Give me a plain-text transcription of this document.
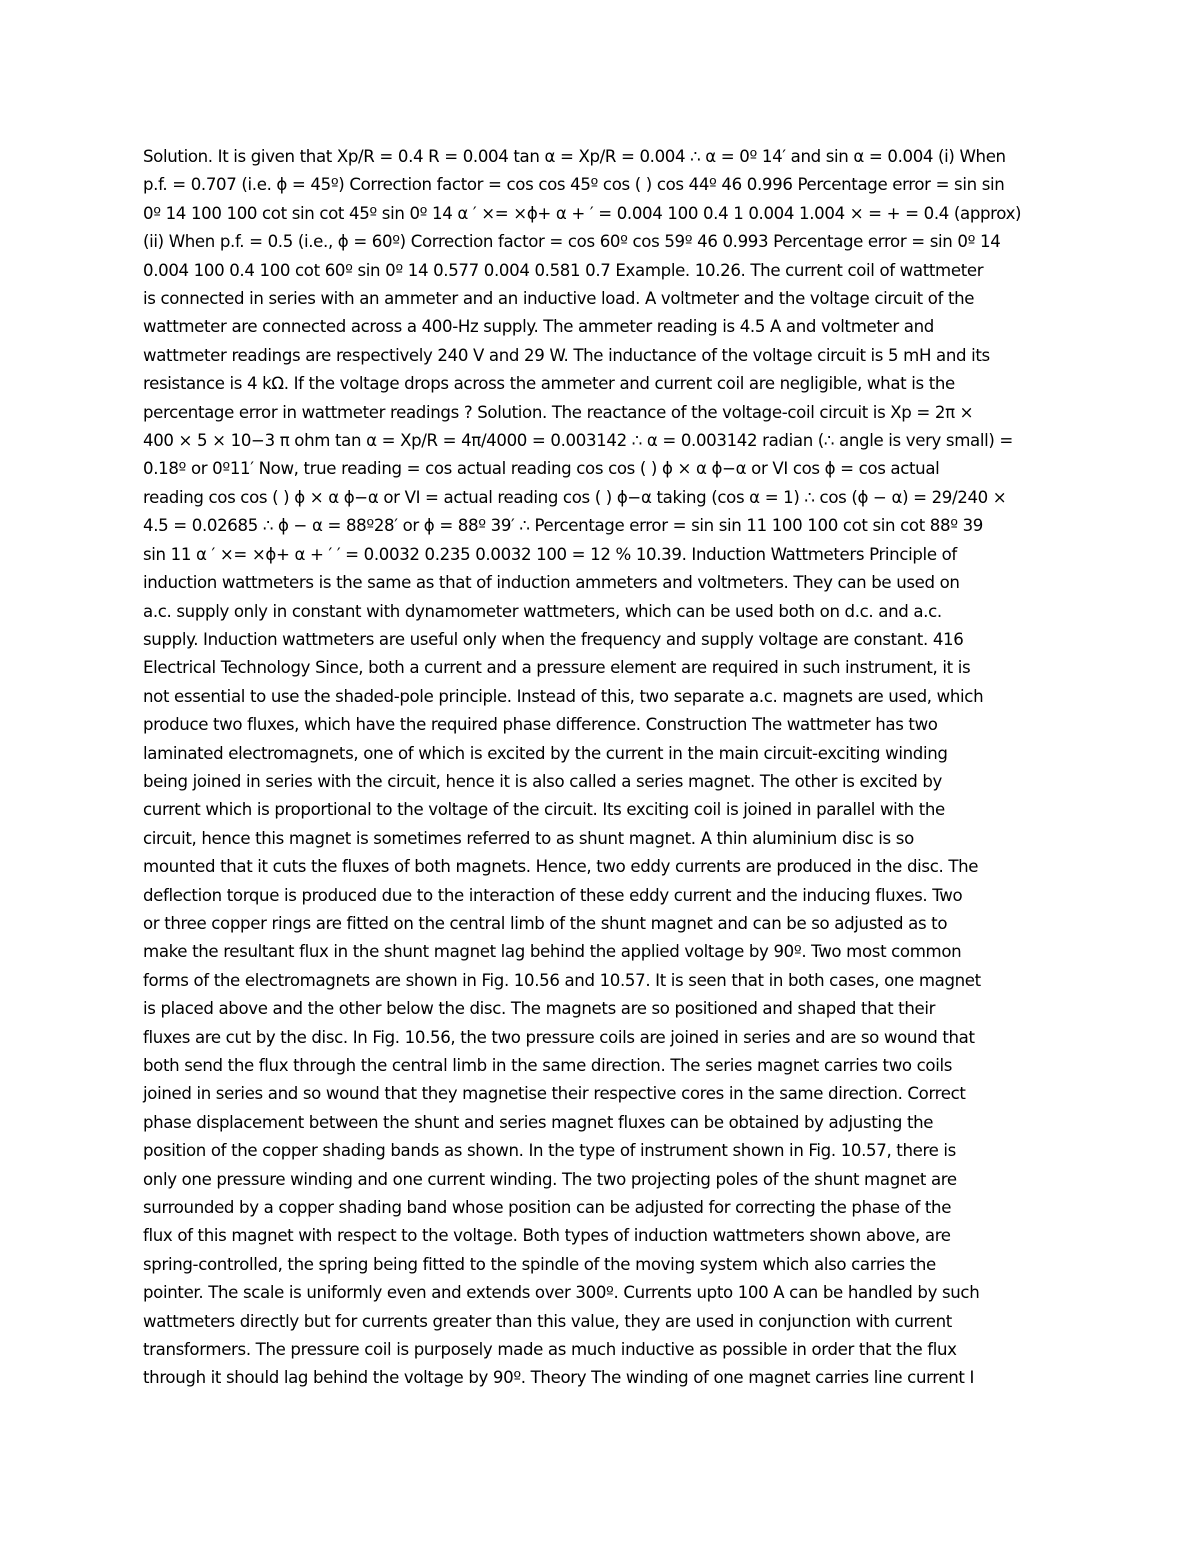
Solution. It is given that Xp/R = 0.4 R = 0.004 tan α = Xp/R = 0.004 ∴ α = 0º 14′ and sin α = 0.004 (i) When
p.f. = 0.707 (i.e. ϕ = 45º) Correction factor = cos cos 45º cos ( ) cos 44º 46 0.996 Percentage error = sin sin
0º 14 100 100 cot sin cot 45º sin 0º 14 α ′ ×= ×ϕ+ α + ′ = 0.004 100 0.4 1 0.004 1.004 × = + = 0.4 (approx)
(ii) When p.f. = 0.5 (i.e., ϕ = 60º) Correction factor = cos 60º cos 59º 46 0.993 Percentage error = sin 0º 14
0.004 100 0.4 100 cot 60º sin 0º 14 0.577 0.004 0.581 0.7 Example. 10.26. The current coil of wattmeter
is connected in series with an ammeter and an inductive load. A voltmeter and the voltage circuit of the
wattmeter are connected across a 400-Hz supply. The ammeter reading is 4.5 A and voltmeter and
wattmeter readings are respectively 240 V and 29 W. The inductance of the voltage circuit is 5 mH and its
resistance is 4 kΩ. If the voltage drops across the ammeter and current coil are negligible, what is the
percentage error in wattmeter readings ? Solution. The reactance of the voltage-coil circuit is Xp = 2π ×
400 × 5 × 10−3 π ohm tan α = Xp/R = 4π/4000 = 0.003142 ∴ α = 0.003142 radian (∴ angle is very small) =
0.18º or 0º11′ Now, true reading = cos actual reading cos cos ( ) ϕ × α ϕ−α or VI cos ϕ = cos actual
reading cos cos ( ) ϕ × α ϕ−α or VI = actual reading cos ( ) ϕ−α taking (cos α = 1) ∴ cos (ϕ − α) = 29/240 ×
4.5 = 0.02685 ∴ ϕ − α = 88º28′ or ϕ = 88º 39′ ∴ Percentage error = sin sin 11 100 100 cot sin cot 88º 39
sin 11 α ′ ×= ×ϕ+ α + ′ ′ = 0.0032 0.235 0.0032 100 = 12 % 10.39. Induction Wattmeters Principle of
induction wattmeters is the same as that of induction ammeters and voltmeters. They can be used on
a.c. supply only in constant with dynamometer wattmeters, which can be used both on d.c. and a.c.
supply. Induction wattmeters are useful only when the frequency and supply voltage are constant. 416
Electrical Technology Since, both a current and a pressure element are required in such instrument, it is
not essential to use the shaded-pole principle. Instead of this, two separate a.c. magnets are used, which
produce two fluxes, which have the required phase difference. Construction The wattmeter has two
laminated electromagnets, one of which is excited by the current in the main circuit-exciting winding
being joined in series with the circuit, hence it is also called a series magnet. The other is excited by
current which is proportional to the voltage of the circuit. Its exciting coil is joined in parallel with the
circuit, hence this magnet is sometimes referred to as shunt magnet. A thin aluminium disc is so
mounted that it cuts the fluxes of both magnets. Hence, two eddy currents are produced in the disc. The
deflection torque is produced due to the interaction of these eddy current and the inducing fluxes. Two
or three copper rings are fitted on the central limb of the shunt magnet and can be so adjusted as to
make the resultant flux in the shunt magnet lag behind the applied voltage by 90º. Two most common
forms of the electromagnets are shown in Fig. 10.56 and 10.57. It is seen that in both cases, one magnet
is placed above and the other below the disc. The magnets are so positioned and shaped that their
fluxes are cut by the disc. In Fig. 10.56, the two pressure coils are joined in series and are so wound that
both send the flux through the central limb in the same direction. The series magnet carries two coils
joined in series and so wound that they magnetise their respective cores in the same direction. Correct
phase displacement between the shunt and series magnet fluxes can be obtained by adjusting the
position of the copper shading bands as shown. In the type of instrument shown in Fig. 10.57, there is
only one pressure winding and one current winding. The two projecting poles of the shunt magnet are
surrounded by a copper shading band whose position can be adjusted for correcting the phase of the
flux of this magnet with respect to the voltage. Both types of induction wattmeters shown above, are
spring-controlled, the spring being fitted to the spindle of the moving system which also carries the
pointer. The scale is uniformly even and extends over 300º. Currents upto 100 A can be handled by such
wattmeters directly but for currents greater than this value, they are used in conjunction with current
transformers. The pressure coil is purposely made as much inductive as possible in order that the flux
through it should lag behind the voltage by 90º. Theory The winding of one magnet carries line current I
